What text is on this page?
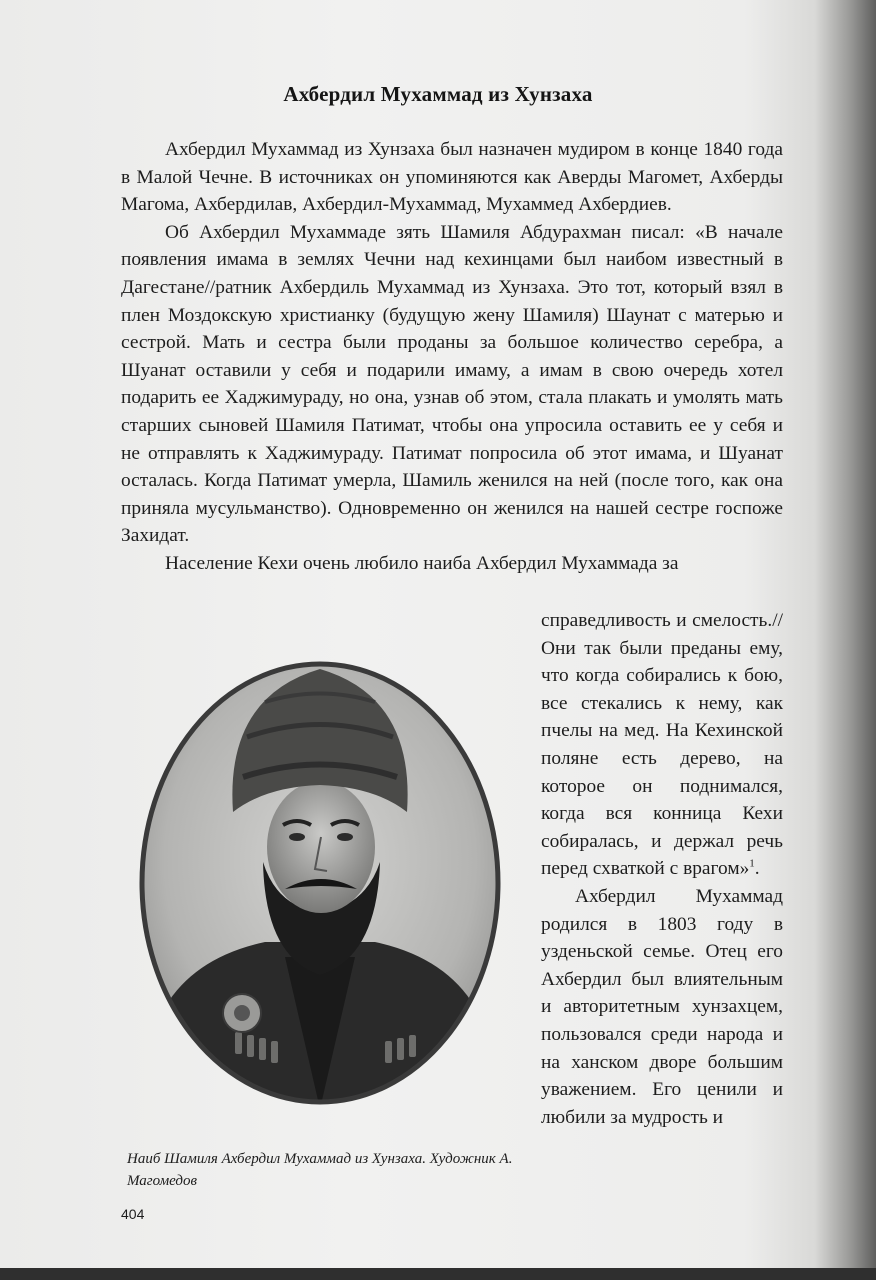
Ахбердил Мухаммад из Хунзаха

Ахбердил Мухаммад из Хунзаха был назначен мудиром в конце 1840 года в Малой Чечне. В источниках он упоминяются как Аверды Магомет, Ахберды Магома, Ахбердилав, Ахбердил-Мухаммад, Мухаммед Ахбердиев.

Об Ахбердил Мухаммаде зять Шамиля Абдурахман писал: «В начале появления имама в землях Чечни над кехинцами был наибом известный в Дагестане//ратник Ахбердиль Мухаммад из Хунзаха. Это тот, который взял в плен Моздокскую христианку (будущую жену Шамиля) Шаунат с матерью и сестрой. Мать и сестра были проданы за большое количество серебра, а Шуанат оставили у себя и подарили имаму, а имам в свою очередь хотел подарить ее Хаджимураду, но она, узнав об этом, стала плакать и умолять мать старших сыновей Шамиля Патимат, чтобы она упросила оставить ее у себя и не отправлять к Хаджимураду. Патимат попросила об этот имама, и Шуанат осталась. Когда Патимат умерла, Шамиль женился на ней (после того, как она приняла мусульманство). Одновременно он женился на нашей сестре госпоже Захидат.

Население Кехи очень любило наиба Ахбердил Мухаммада за

справедливость и смелость.//Они так были преданы ему, что когда собирались к бою, все стекались к нему, как пчелы на мед. На Кехинской поляне есть дерево, на которое он поднимался, когда вся конница Кехи собиралась, и держал речь перед схваткой с врагом»$^1$.

Ахбердил Мухаммад родился в 1803 году в узденьской семье. Отец его Ахбердил был влиятельным и авторитетным хунзахцем, пользовался среди народа и на ханском дворе большим уважением. Его ценили и любили за мудрость и

Наиб Шамиля Ахбердил Мухаммад из Хунзаха. Художник А. Магомедов
404
